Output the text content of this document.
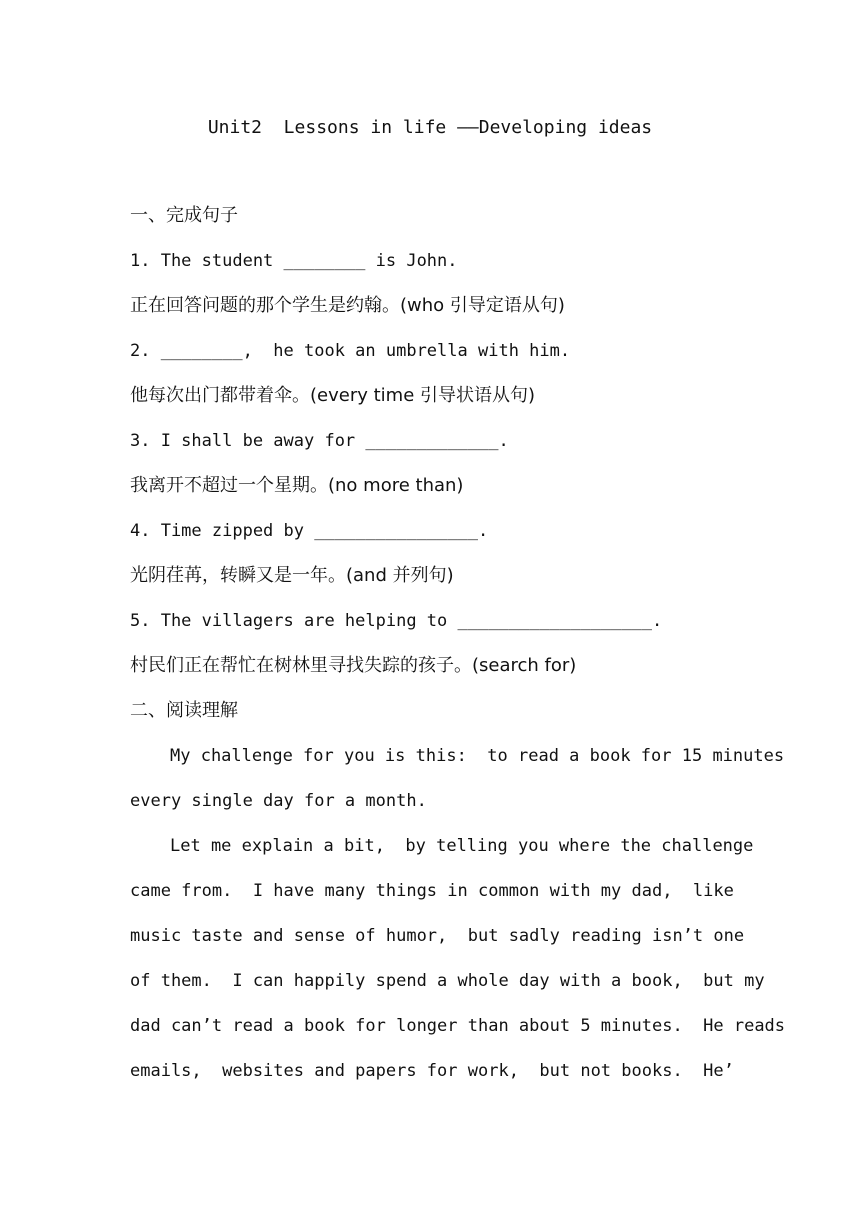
Unit2  Lessons in life ——Developing ideas
一、完成句子
1. The student ________ is John.
正在回答问题的那个学生是约翰。(who 引导定语从句)
2. ________,  he took an umbrella with him.
他每次出门都带着伞。(every time 引导状语从句)
3. I shall be away for _____________.
我离开不超过一个星期。(no more than)
4. Time zipped by ________________.
光阴荏苒，转瞬又是一年。(and 并列句)
5. The villagers are helping to ___________________.
村民们正在帮忙在树林里寻找失踪的孩子。(search for)
二、阅读理解
My challenge for you is this:  to read a book for 15 minutes
every single day for a month.
Let me explain a bit,  by telling you where the challenge
came from.  I have many things in common with my dad,  like
music taste and sense of humor,  but sadly reading isn’t one
of them.  I can happily spend a whole day with a book,  but my
dad can’t read a book for longer than about 5 minutes.  He reads
emails,  websites and papers for work,  but not books.  He’
